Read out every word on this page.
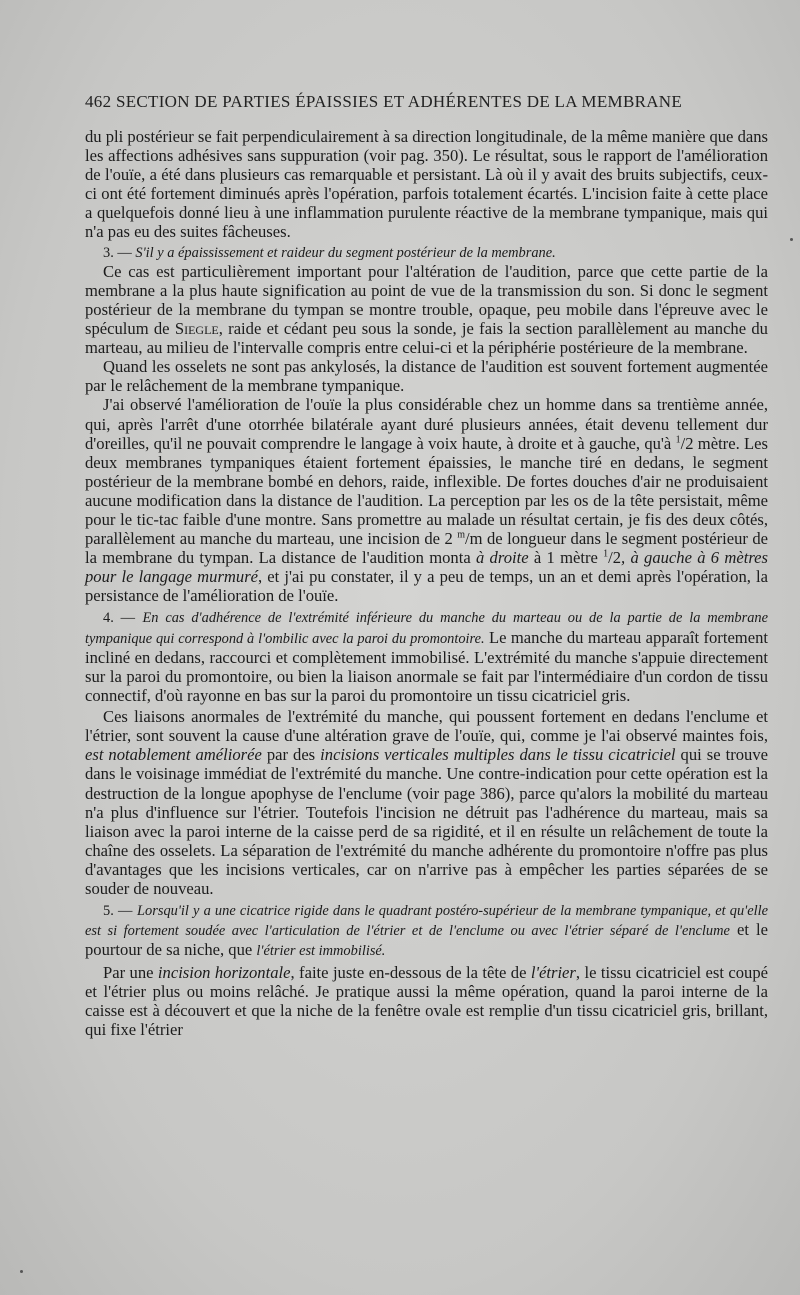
462 SECTION DE PARTIES ÉPAISSIES ET ADHÉRENTES DE LA MEMBRANE

du pli postérieur se fait perpendiculairement à sa direction longitudinale, de la même manière que dans les affections adhésives sans suppuration (voir pag. 350). Le résultat, sous le rapport de l'amélioration de l'ouïe, a été dans plusieurs cas remarquable et persistant. Là où il y avait des bruits subjectifs, ceux-ci ont été fortement diminués après l'opération, parfois totalement écartés. L'incision faite à cette place a quelquefois donné lieu à une inflammation purulente réactive de la membrane tympanique, mais qui n'a pas eu des suites fâcheuses.

3. — S'il y a épaississement et raideur du segment postérieur de la membrane.

Ce cas est particulièrement important pour l'altération de l'audition, parce que cette partie de la membrane a la plus haute signification au point de vue de la transmission du son. Si donc le segment postérieur de la membrane du tympan se montre trouble, opaque, peu mobile dans l'épreuve avec le spéculum de Siegle, raide et cédant peu sous la sonde, je fais la section parallèlement au manche du marteau, au milieu de l'intervalle compris entre celui-ci et la périphérie postérieure de la membrane.

Quand les osselets ne sont pas ankylosés, la distance de l'audition est souvent fortement augmentée par le relâchement de la membrane tympanique.

J'ai observé l'amélioration de l'ouïe la plus considérable chez un homme dans sa trentième année, qui, après l'arrêt d'une otorrhée bilatérale ayant duré plusieurs années, était devenu tellement dur d'oreilles, qu'il ne pouvait comprendre le langage à voix haute, à droite et à gauche, qu'à $^1$/2 mètre. Les deux membranes tympaniques étaient fortement épaissies, le manche tiré en dedans, le segment postérieur de la membrane bombé en dehors, raide, inflexible. De fortes douches d'air ne produisaient aucune modification dans la distance de l'audition. La perception par les os de la tête persistait, même pour le tic-tac faible d'une montre. Sans promettre au malade un résultat certain, je fis des deux côtés, parallèlement au manche du marteau, une incision de 2 $^m$/m de longueur dans le segment postérieur de la membrane du tympan. La distance de l'audition monta à droite à 1 mètre $^1$/2, à gauche à 6 mètres pour le langage murmuré, et j'ai pu constater, il y a peu de temps, un an et demi après l'opération, la persistance de l'amélioration de l'ouïe.

4. — En cas d'adhérence de l'extrémité inférieure du manche du marteau ou de la partie de la membrane tympanique qui correspond à l'ombilic avec la paroi du promontoire. Le manche du marteau apparaît fortement incliné en dedans, raccourci et complètement immobilisé. L'extrémité du manche s'appuie directement sur la paroi du promontoire, ou bien la liaison anormale se fait par l'intermédiaire d'un cordon de tissu connectif, d'où rayonne en bas sur la paroi du promontoire un tissu cicatriciel gris.

Ces liaisons anormales de l'extrémité du manche, qui poussent fortement en dedans l'enclume et l'étrier, sont souvent la cause d'une altération grave de l'ouïe, qui, comme je l'ai observé maintes fois, est notablement améliorée par des incisions verticales multiples dans le tissu cicatriciel qui se trouve dans le voisinage immédiat de l'extrémité du manche. Une contre-indication pour cette opération est la destruction de la longue apophyse de l'enclume (voir page 386), parce qu'alors la mobilité du marteau n'a plus d'influence sur l'étrier. Toutefois l'incision ne détruit pas l'adhérence du marteau, mais sa liaison avec la paroi interne de la caisse perd de sa rigidité, et il en résulte un relâchement de toute la chaîne des osselets. La séparation de l'extrémité du manche adhérente du promontoire n'offre pas plus d'avantages que les incisions verticales, car on n'arrive pas à empêcher les parties séparées de se souder de nouveau.

5. — Lorsqu'il y a une cicatrice rigide dans le quadrant postéro-supérieur de la membrane tympanique, et qu'elle est si fortement soudée avec l'articulation de l'étrier et de l'enclume ou avec l'étrier séparé de l'enclume et le pourtour de sa niche, que l'étrier est immobilisé.

Par une incision horizontale, faite juste en-dessous de la tête de l'étrier, le tissu cicatriciel est coupé et l'étrier plus ou moins relâché. Je pratique aussi la même opération, quand la paroi interne de la caisse est à découvert et que la niche de la fenêtre ovale est remplie d'un tissu cicatriciel gris, brillant, qui fixe l'étrier
